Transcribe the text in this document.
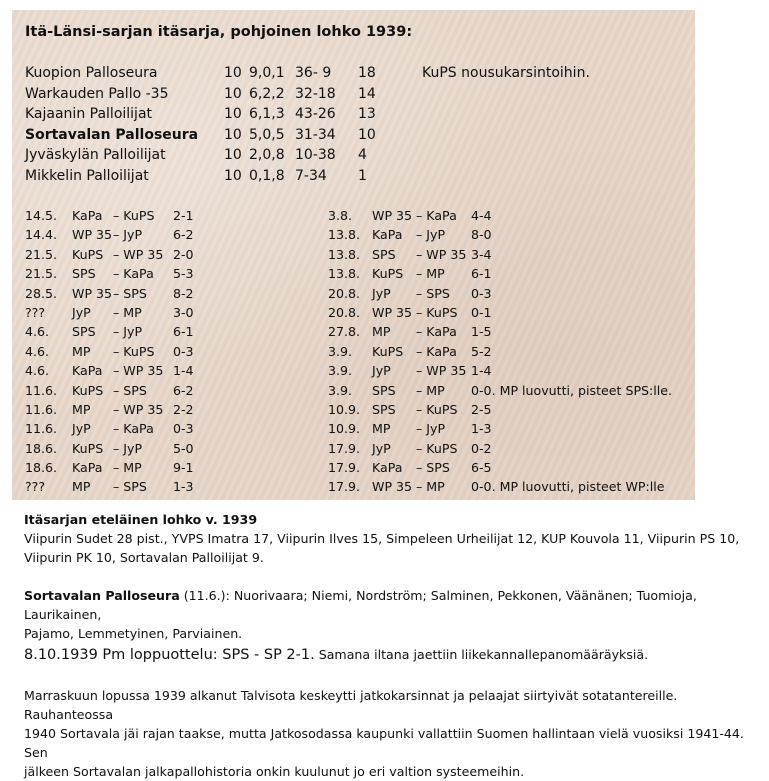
Itä-Länsi-sarjan itäsarja, pohjoinen lohko 1939:
Kuopion Palloseura	10 9,0,1 36- 9 18	KuPS nousukarsintoihin.
Warkauden Pallo -35	10 6,2,2 32-18 14
Kajaanin Palloilijat	10 6,1,3 43-26 13
Sortavalan Palloseura 10 5,0,5 31-34 10
Jyväskylän Palloilijat	10 2,0,8 10-38 4
Mikkelin Palloilijat	10 0,1,8 7-34 1
14.5. KaPa – KuPS 2-1
14.4. WP 35 – JyP 6-2
21.5. KuPS – WP 35 2-0
21.5. SPS – KaPa 5-3
28.5. WP 35 – SPS 8-2
??? JyP – MP 3-0
4.6. SPS – JyP 6-1
4.6. MP – KuPS 0-3
4.6. KaPa – WP 35 1-4
11.6. KuPS – SPS 6-2
11.6. MP – WP 35 2-2
11.6. JyP – KaPa 0-3
18.6. KuPS – JyP 5-0
18.6. KaPa – MP 9-1
??? MP – SPS 1-3
3.8. WP 35 – KaPa 4-4
13.8. KaPa – JyP 8-0
13.8. SPS – WP 35 3-4
13.8. KuPS – MP 6-1
20.8. JyP – SPS 0-3
20.8. WP 35 – KuPS 0-1
27.8. MP – KaPa 1-5
3.9. KuPS – KaPa 5-2
3.9. JyP – WP 35 1-4
3.9. SPS – MP 0-0. MP luovutti, pisteet SPS:lle.
10.9. SPS – KuPS 2-5
10.9. MP – JyP 1-3
17.9. JyP – KuPS 0-2
17.9. KaPa – SPS 6-5
17.9. WP 35 – MP 0-0. MP luovutti, pisteet WP:lle
Itäsarjan eteläinen lohko v. 1939
Viipurin Sudet 28 pist., YVPS Imatra 17, Viipurin Ilves 15, Simpeleen Urheilijat 12, KUP Kouvola 11, Viipurin PS 10,
Viipurin PK 10, Sortavalan Palloilijat 9.
Sortavalan Palloseura (11.6.): Nuorivaara; Niemi, Nordström; Salminen, Pekkonen, Väänänen; Tuomioja, Laurikainen,
Pajamo, Lemmetyinen, Parviainen.
8.10.1939 Pm loppuottelu: SPS - SP 2-1. Samana iltana jaettiin liikekannallepanomääräyksiä.
Marraskuun lopussa 1939 alkanut Talvisota keskeytti jatkokarsinnat ja pelaajat siirtyivät sotatantereille. Rauhanteossa
1940 Sortavala jäi rajan taakse, mutta Jatkosodassa kaupunki vallattiin Suomen hallintaan vielä vuosiksi 1941-44. Sen
jälkeen Sortavalan jalkapallohistoria onkin kuulunut jo eri valtion systeemeihin.
